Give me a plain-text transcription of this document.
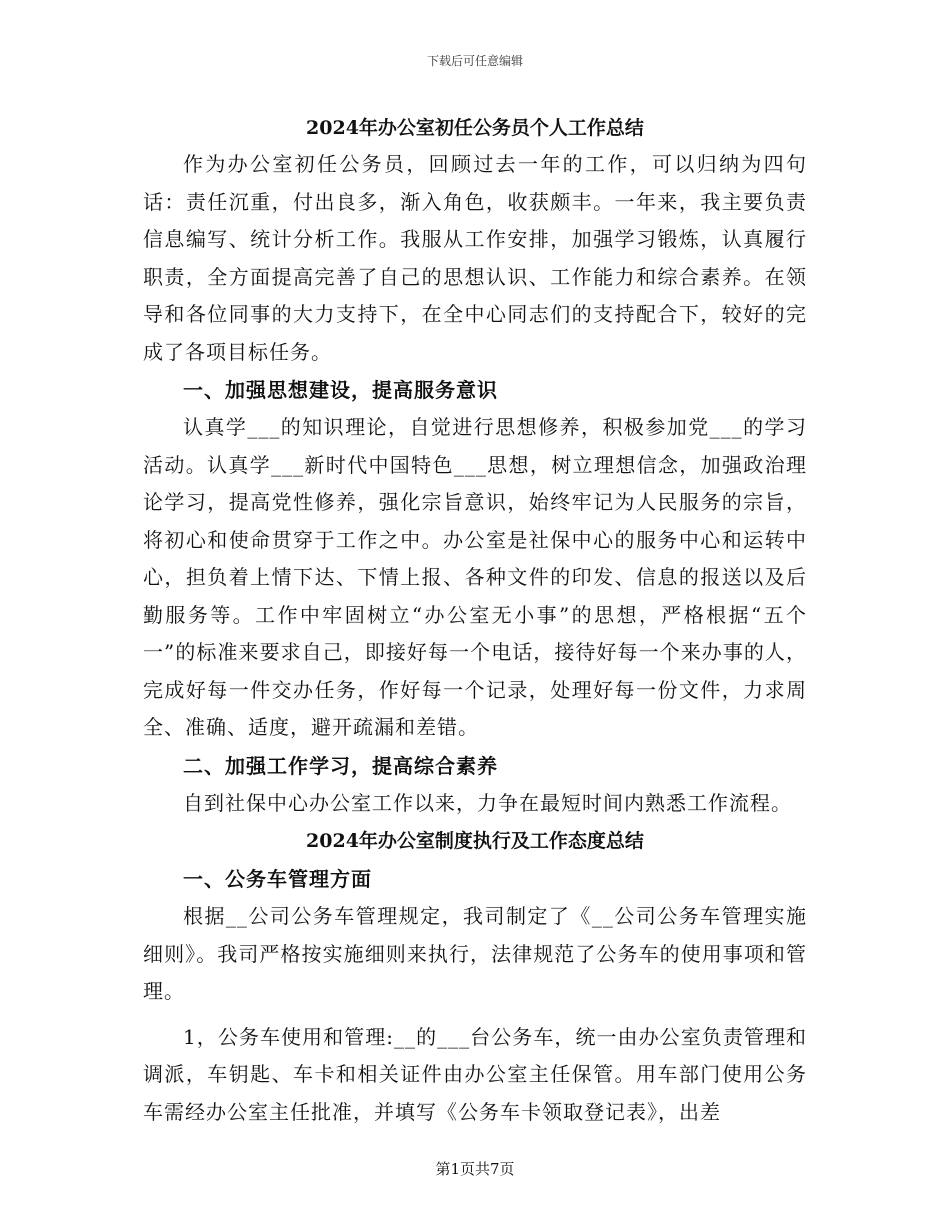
下载后可任意编辑
2024年办公室初任公务员个人工作总结

作为办公室初任公务员，回顾过去一年的工作，可以归纳为四句话：责任沉重，付出良多，渐入角色，收获颇丰。一年来，我主要负责信息编写、统计分析工作。我服从工作安排，加强学习锻炼，认真履行职责，全方面提高完善了自己的思想认识、工作能力和综合素养。在领导和各位同事的大力支持下，在全中心同志们的支持配合下，较好的完成了各项目标任务。

一、加强思想建设，提高服务意识

认真学___的知识理论，自觉进行思想修养，积极参加党___的学习活动。认真学___新时代中国特色___思想，树立理想信念，加强政治理论学习，提高党性修养，强化宗旨意识，始终牢记为人民服务的宗旨，将初心和使命贯穿于工作之中。办公室是社保中心的服务中心和运转中心，担负着上情下达、下情上报、各种文件的印发、信息的报送以及后勤服务等。工作中牢固树立“办公室无小事”的思想，严格根据“五个一”的标准来要求自己，即接好每一个电话，接待好每一个来办事的人，完成好每一件交办任务，作好每一个记录，处理好每一份文件，力求周全、准确、适度，避开疏漏和差错。

二、加强工作学习，提高综合素养

自到社保中心办公室工作以来，力争在最短时间内熟悉工作流程。

2024年办公室制度执行及工作态度总结

一、公务车管理方面

根据__公司公务车管理规定，我司制定了《__公司公务车管理实施细则》。我司严格按实施细则来执行，法律规范了公务车的使用事项和管理。

1，公务车使用和管理:__的___台公务车，统一由办公室负责管理和调派，车钥匙、车卡和相关证件由办公室主任保管。用车部门使用公务车需经办公室主任批准，并填写《公务车卡领取登记表》，出差

第1页共7页
